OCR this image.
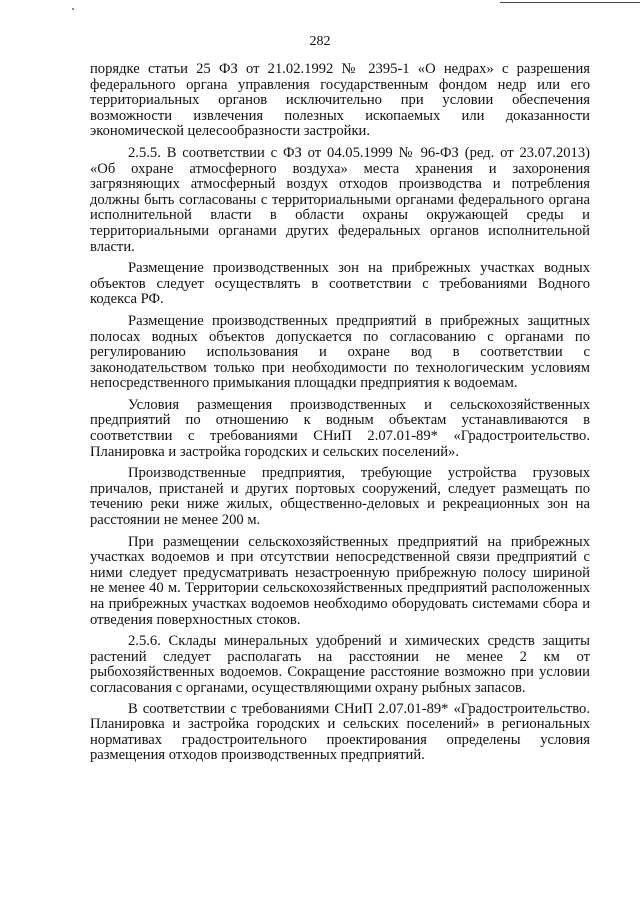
282

порядке статьи 25 ФЗ от 21.02.1992 № 2395-1 «О недрах» с разрешения федерального органа управления государственным фондом недр или его территориальных органов исключительно при условии обеспечения возможности извлечения полезных ископаемых или доказанности экономической целесообразности застройки.

2.5.5. В соответствии с ФЗ от 04.05.1999 № 96-ФЗ (ред. от 23.07.2013) «Об охране атмосферного воздуха» места хранения и захоронения загрязняющих атмосферный воздух отходов производства и потребления должны быть согласованы с территориальными органами федерального органа исполнительной власти в области охраны окружающей среды и территориальными органами других федеральных органов исполнительной власти.

Размещение производственных зон на прибрежных участках водных объектов следует осуществлять в соответствии с требованиями Водного кодекса РФ.

Размещение производственных предприятий в прибрежных защитных полосах водных объектов допускается по согласованию с органами по регулированию использования и охране вод в соответствии с законодательством только при необходимости по технологическим условиям непосредственного примыкания площадки предприятия к водоемам.

Условия размещения производственных и сельскохозяйственных предприятий по отношению к водным объектам устанавливаются в соответствии с требованиями СНиП 2.07.01-89* «Градостроительство. Планировка и застройка городских и сельских поселений».

Производственные предприятия, требующие устройства грузовых причалов, пристаней и других портовых сооружений, следует размещать по течению реки ниже жилых, общественно-деловых и рекреационных зон на расстоянии не менее 200 м.

При размещении сельскохозяйственных предприятий на прибрежных участках водоемов и при отсутствии непосредственной связи предприятий с ними следует предусматривать незастроенную прибрежную полосу шириной не менее 40 м. Территории сельскохозяйственных предприятий расположенных на прибрежных участках водоемов необходимо оборудовать системами сбора и отведения поверхностных стоков.

2.5.6. Склады минеральных удобрений и химических средств защиты растений следует располагать на расстоянии не менее 2 км от рыбохозяйственных водоемов. Сокращение расстояние возможно при условии согласования с органами, осуществляющими охрану рыбных запасов.

В соответствии с требованиями СНиП 2.07.01-89* «Градостроительство. Планировка и застройка городских и сельских поселений» в региональных нормативах градостроительного проектирования определены условия размещения отходов производственных предприятий.
